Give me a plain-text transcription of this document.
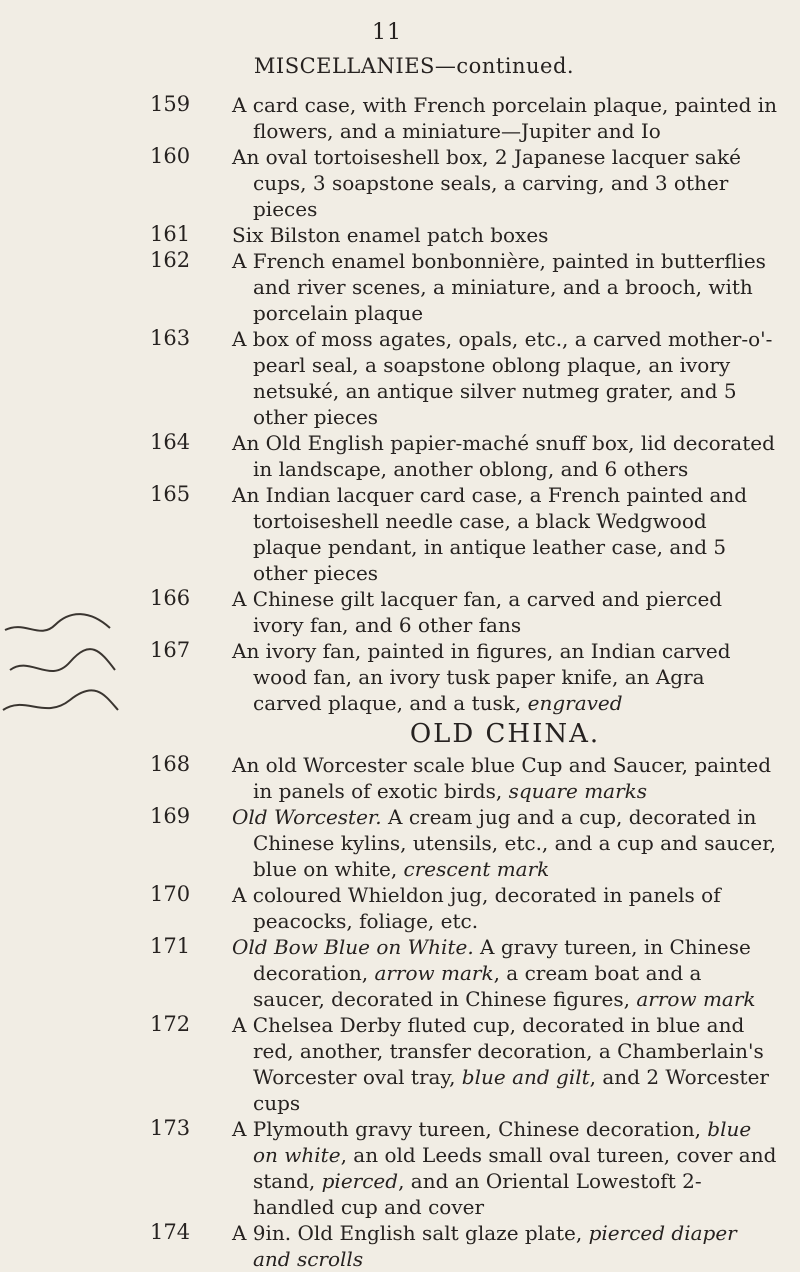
11
MISCELLANIES—continued.
159	A card case, with French porcelain plaque, painted in flowers, and a miniature—Jupiter and Io
160	An oval tortoiseshell box, 2 Japanese lacquer saké cups, 3 soapstone seals, a carving, and 3 other pieces
161	Six Bilston enamel patch boxes
162	A French enamel bonbonnière, painted in butterflies and river scenes, a miniature, and a brooch, with porcelain plaque
163	A box of moss agates, opals, etc., a carved mother-o'-pearl seal, a soapstone oblong plaque, an ivory netsuké, an antique silver nutmeg grater, and 5 other pieces
164	An Old English papier-maché snuff box, lid decorated in landscape, another oblong, and 6 others
165	An Indian lacquer card case, a French painted and tortoiseshell needle case, a black Wedgwood plaque pendant, in antique leather case, and 5 other pieces
166	A Chinese gilt lacquer fan, a carved and pierced ivory fan, and 6 other fans
167	An ivory fan, painted in figures, an Indian carved wood fan, an ivory tusk paper knife, an Agra carved plaque, and a tusk, engraved
OLD CHINA.
168	An old Worcester scale blue Cup and Saucer, painted in panels of exotic birds, square marks
169	Old Worcester. A cream jug and a cup, decorated in Chinese kylins, utensils, etc., and a cup and saucer, blue on white, crescent mark
170	A coloured Whieldon jug, decorated in panels of peacocks, foliage, etc.
171	Old Bow Blue on White. A gravy tureen, in Chinese decoration, arrow mark, a cream boat and a saucer, decorated in Chinese figures, arrow mark
172	A Chelsea Derby fluted cup, decorated in blue and red, another, transfer decoration, a Chamberlain's Worcester oval tray, blue and gilt, and 2 Worcester cups
173	A Plymouth gravy tureen, Chinese decoration, blue on white, an old Leeds small oval tureen, cover and stand, pierced, and an Oriental Lowestoft 2-handled cup and cover
174	A 9in. Old English salt glaze plate, pierced diaper and scrolls
